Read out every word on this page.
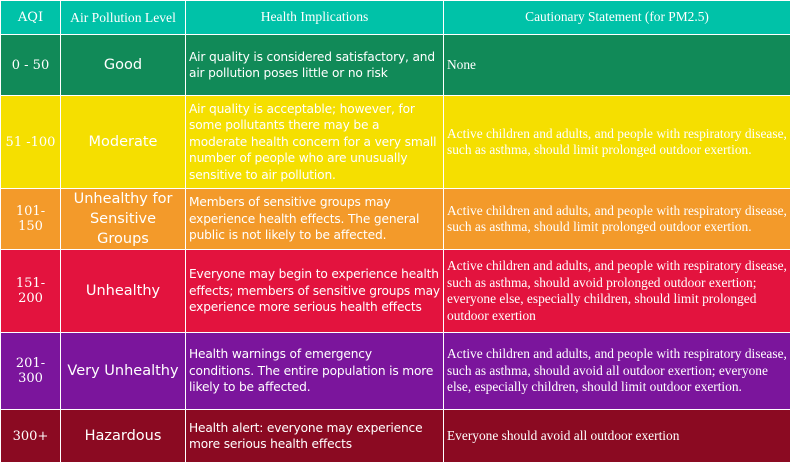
AQI	Air Pollution Level	Health Implications	Cautionary Statement (for PM2.5)
0 - 50	Good	Air quality is considered satisfactory, and air pollution poses little or no risk	None
51 -100	Moderate	Air quality is acceptable; however, for some pollutants there may be a moderate health concern for a very small number of people who are unusually sensitive to air pollution.	Active children and adults, and people with respiratory disease, such as asthma, should limit prolonged outdoor exertion.
101-150	Unhealthy for Sensitive Groups	Members of sensitive groups may experience health effects. The general public is not likely to be affected.	Active children and adults, and people with respiratory disease, such as asthma, should limit prolonged outdoor exertion.
151-200	Unhealthy	Everyone may begin to experience health effects; members of sensitive groups may experience more serious health effects	Active children and adults, and people with respiratory disease, such as asthma, should avoid prolonged outdoor exertion; everyone else, especially children, should limit prolonged outdoor exertion
201-300	Very Unhealthy	Health warnings of emergency conditions. The entire population is more likely to be affected.	Active children and adults, and people with respiratory disease, such as asthma, should avoid all outdoor exertion; everyone else, especially children, should limit outdoor exertion.
300+	Hazardous	Health alert: everyone may experience more serious health effects	Everyone should avoid all outdoor exertion
